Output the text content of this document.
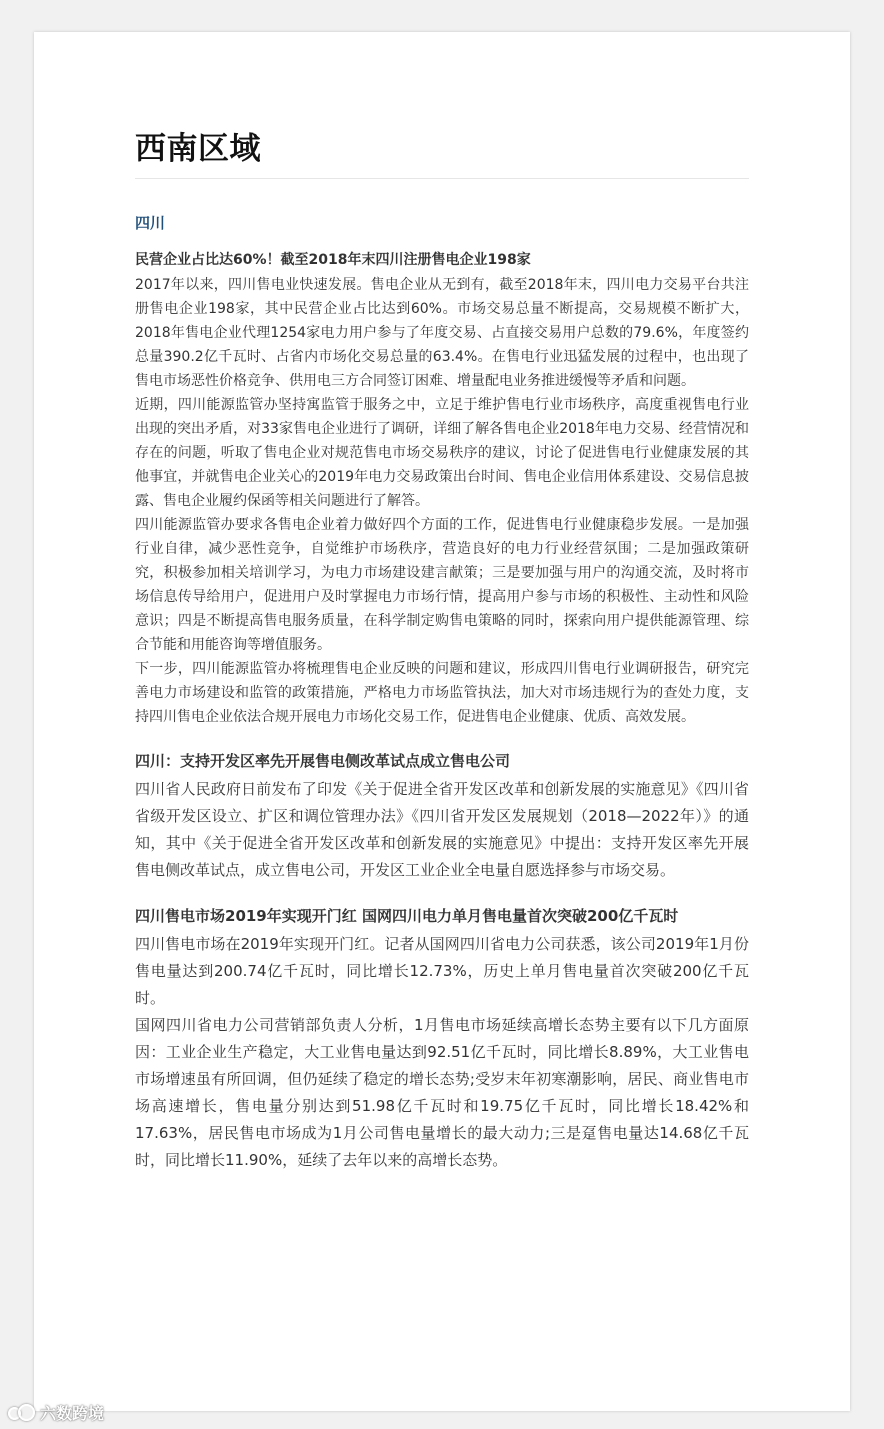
西南区域
四川
民营企业占比达60%！截至2018年末四川注册售电企业198家

2017年以来，四川售电业快速发展。售电企业从无到有，截至2018年末，四川电力交易平台共注册售电企业198家，其中民营企业占比达到60%。市场交易总量不断提高，交易规模不断扩大，2018年售电企业代理1254家电力用户参与了年度交易、占直接交易用户总数的79.6%，年度签约总量390.2亿千瓦时、占省内市场化交易总量的63.4%。在售电行业迅猛发展的过程中，也出现了售电市场恶性价格竞争、供用电三方合同签订困难、增量配电业务推进缓慢等矛盾和问题。

近期，四川能源监管办坚持寓监管于服务之中，立足于维护售电行业市场秩序，高度重视售电行业出现的突出矛盾，对33家售电企业进行了调研，详细了解各售电企业2018年电力交易、经营情况和存在的问题，听取了售电企业对规范售电市场交易秩序的建议，讨论了促进售电行业健康发展的其他事宜，并就售电企业关心的2019年电力交易政策出台时间、售电企业信用体系建设、交易信息披露、售电企业履约保函等相关问题进行了解答。

四川能源监管办要求各售电企业着力做好四个方面的工作，促进售电行业健康稳步发展。一是加强行业自律，减少恶性竞争，自觉维护市场秩序，营造良好的电力行业经营氛围；二是加强政策研究，积极参加相关培训学习，为电力市场建设建言献策；三是要加强与用户的沟通交流，及时将市场信息传导给用户，促进用户及时掌握电力市场行情，提高用户参与市场的积极性、主动性和风险意识；四是不断提高售电服务质量，在科学制定购售电策略的同时，探索向用户提供能源管理、综合节能和用能咨询等增值服务。

下一步，四川能源监管办将梳理售电企业反映的问题和建议，形成四川售电行业调研报告，研究完善电力市场建设和监管的政策措施，严格电力市场监管执法，加大对市场违规行为的查处力度，支持四川售电企业依法合规开展电力市场化交易工作，促进售电企业健康、优质、高效发展。

四川：支持开发区率先开展售电侧改革试点成立售电公司

四川省人民政府日前发布了印发《关于促进全省开发区改革和创新发展的实施意见》《四川省省级开发区设立、扩区和调位管理办法》《四川省开发区发展规划（2018—2022年）》的通知，其中《关于促进全省开发区改革和创新发展的实施意见》中提出：支持开发区率先开展售电侧改革试点，成立售电公司，开发区工业企业全电量自愿选择参与市场交易。

四川售电市场2019年实现开门红 国网四川电力单月售电量首次突破200亿千瓦时

四川售电市场在2019年实现开门红。记者从国网四川省电力公司获悉，该公司2019年1月份售电量达到200.74亿千瓦时，同比增长12.73%，历史上单月售电量首次突破200亿千瓦时。

国网四川省电力公司营销部负责人分析，1月售电市场延续高增长态势主要有以下几方面原因：工业企业生产稳定，大工业售电量达到92.51亿千瓦时，同比增长8.89%，大工业售电市场增速虽有所回调，但仍延续了稳定的增长态势;受岁末年初寒潮影响，居民、商业售电市场高速增长，售电量分别达到51.98亿千瓦时和19.75亿千瓦时，同比增长18.42%和17.63%，居民售电市场成为1月公司售电量增长的最大动力;三是趸售电量达14.68亿千瓦时，同比增长11.90%，延续了去年以来的高增长态势。

六数跨境
